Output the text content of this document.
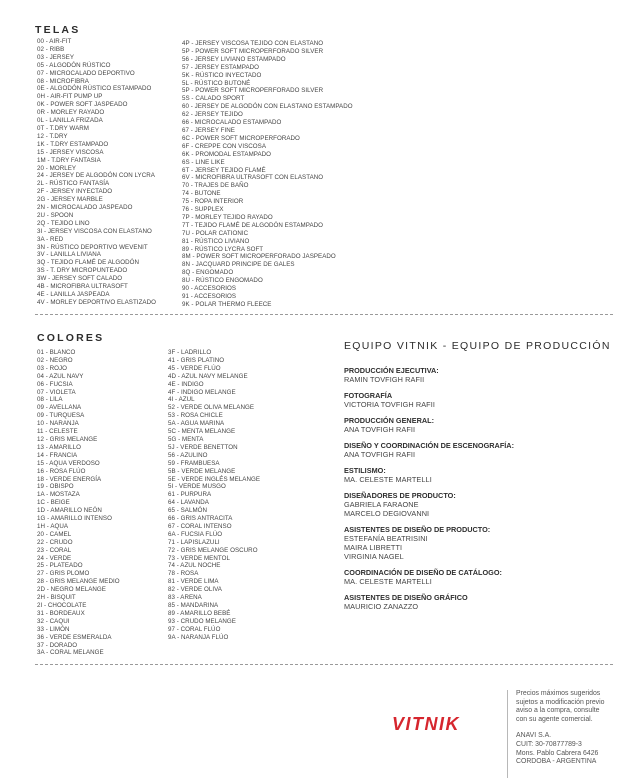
TELAS
00 - AIR-FIT
02 - RIBB
03 - JERSEY
05 - ALGODÓN RÚSTICO
07 - MICROCALADO DEPORTIVO
08 - MICROFIBRA
0E - ALGODÓN RÚSTICO ESTAMPADO
0H - AIR-FIT PUMP UP
0K - POWER SOFT JASPEADO
0R - MORLEY RAYADO
0L - LANILLA FRIZADA
0T - T.DRY WARM
12 - T.DRY
1K - T.DRY ESTAMPADO
15 - JERSEY VISCOSA
1M - T.DRY FANTASIA
20 - MORLEY
24 - JERSEY DE ALGODÓN CON LYCRA
2L - RÚSTICO FANTASÍA
2F - JERSEY INYECTADO
2G - JERSEY MARBLE
2N - MICROCALADO JASPEADO
2U - SPOON
2Q - TEJIDO LINO
3I - JERSEY VISCOSA CON ELASTANO
3A - RED
3N - RÚSTICO DEPORTIVO WEVENIT
3V - LANILLA LIVIANA
3Q - TEJIDO FLAMÉ DE ALGODÓN
3S - T. DRY MICROPUNTEADO
3W - JERSEY SOFT CALADO
4B - MICROFIBRA ULTRASOFT
4E - LANILLA JASPEADA
4V - MORLEY DEPORTIVO ELASTIZADO
4P - JERSEY VISCOSA TEJIDO CON ELASTANO
5P - POWER SOFT MICROPERFORADO SILVER
56 - JERSEY LIVIANO ESTAMPADO
57 - JERSEY ESTAMPADO
5K - RÚSTICO INYECTADO
5L - RÚSTICO BUTONÉ
5P - POWER SOFT MICROPERFORADO SILVER
5S - CALADO SPORT
60 - JERSEY DE ALGODÓN CON ELASTANO ESTAMPADO
62 - JERSEY TEJIDO
66 - MICROCALADO ESTAMPADO
67 - JERSEY FINE
6C - POWER SOFT MICROPERFORADO
6F - CREPPE CON VISCOSA
6K - PROMODAL ESTAMPADO
6S - LINE LIKE
6T - JERSEY TEJIDO FLAMÉ
6V - MICROFIBRA ULTRASOFT CON ELASTANO
70 - TRAJES DE BAÑO
74 - BUTONE
75 - ROPA INTERIOR
76 - SUPPLEX
7P - MORLEY TEJIDO RAYADO
7T - TEJIDO FLAMÉ DE ALGODÓN ESTAMPADO
7U - POLAR CATIONIC
81 - RÚSTICO LIVIANO
89 - RÚSTICO LYCRA SOFT
8M - POWER SOFT MICROPERFORADO JASPEADO
8N - JACQUARD PRINCIPE DE GALES
8Q - ENGOMADO
8U - RÚSTICO ENGOMADO
90 - ACCESORIOS
91 - ACCESORIOS
9K - POLAR THERMO FLEECE
COLORES
01 - BLANCO
02 - NEGRO
03 - ROJO
04 - AZUL NAVY
06 - FUCSIA
07 - VIOLETA
08 - LILA
09 - AVELLANA
09 - TURQUESA
10 - NARANJA
11 - CELESTE
12 - GRIS MELANGE
13 - AMARILLO
14 - FRANCIA
15 - AQUA VERDOSO
16 - ROSA FLÚO
18 - VERDE ENERGÍA
19 - OBISPO
1A - MOSTAZA
1C - BEIGE
1D - AMARILLO NEÓN
1G - AMARILLO INTENSO
1H - AQUA
20 - CAMEL
22 - CRUDO
23 - CORAL
24 - VERDE
25 - PLATEADO
27 - GRIS PLOMO
28 - GRIS MELANGE MEDIO
2D - NEGRO MELANGE
2H - BISQUIT
2I - CHOCOLATE
31 - BORDEAUX
32 - CAQUI
33 - LIMÓN
36 - VERDE ESMERALDA
37 - DORADO
3A - CORAL MELANGE
3F - LADRILLO
41 - GRIS PLATINO
45 - VERDE FLÚO
4D - AZUL NAVY MELANGE
4E - INDIGO
4F - INDIGO MELANGE
4I - AZUL
52 - VERDE OLIVA MELANGE
53 - ROSA CHICLE
5A - AGUA MARINA
5C - MENTA MELANGE
5G - MENTA
5J - VERDE BENETTON
56 - AZULINO
59 - FRAMBUESA
5B - VERDE MELANGE
5E - VERDE INGLÉS MELANGE
5I - VERDE MUSGO
61 - PURPURA
64 - LAVANDA
65 - SALMÓN
66 - GRIS ANTRACITA
67 - CORAL INTENSO
6A - FUCSIA FLÚO
71 - LAPISLAZULI
72 - GRIS MELANGE OSCURO
73 - VERDE MENTOL
74 - AZUL NOCHE
78 - ROSA
81 - VERDE LIMA
82 - VERDE OLIVA
83 - ARENA
85 - MANDARINA
89 - AMARILLO BEBÉ
93 - CRUDO MELANGE
97 - CORAL FLÚO
9A - NARANJA FLÚO
EQUIPO VITNIK - EQUIPO DE PRODUCCIÓN
PRODUCCIÓN EJECUTIVA:
RAMIN TOVFIGH RAFII
FOTOGRAFÍA
VICTORIA TOVFIGH RAFII
PRODUCCIÓN GENERAL:
ANA TOVFIGH RAFII
DISEÑO Y COORDINACIÓN DE ESCENOGRAFÍA:
ANA TOVFIGH RAFII
ESTILISMO:
MA. CELESTE MARTELLI
DISEÑADORES DE PRODUCTO:
GABRIELA FARAONE
MARCELO DEGIOVANNI
ASISTENTES DE DISEÑO DE PRODUCTO:
ESTEFANÍA BEATRISINI
MAIRA LIBRETTI
VIRGINIA NAGEL
COORDINACIÓN DE DISEÑO DE CATÁLOGO:
MA. CELESTE MARTELLI
ASISTENTES DE DISEÑO GRÁFICO
MAURICIO ZANAZZO
VITNIK

Precios máximos sugeridos

sujetos a modificación previo

aviso a la compra, consulte

con su agente comercial.

ANAVI S.A.

CUIT: 30-70877789-3

Mons. Pablo Cabrera 6426

CORDOBA - ARGENTINA
